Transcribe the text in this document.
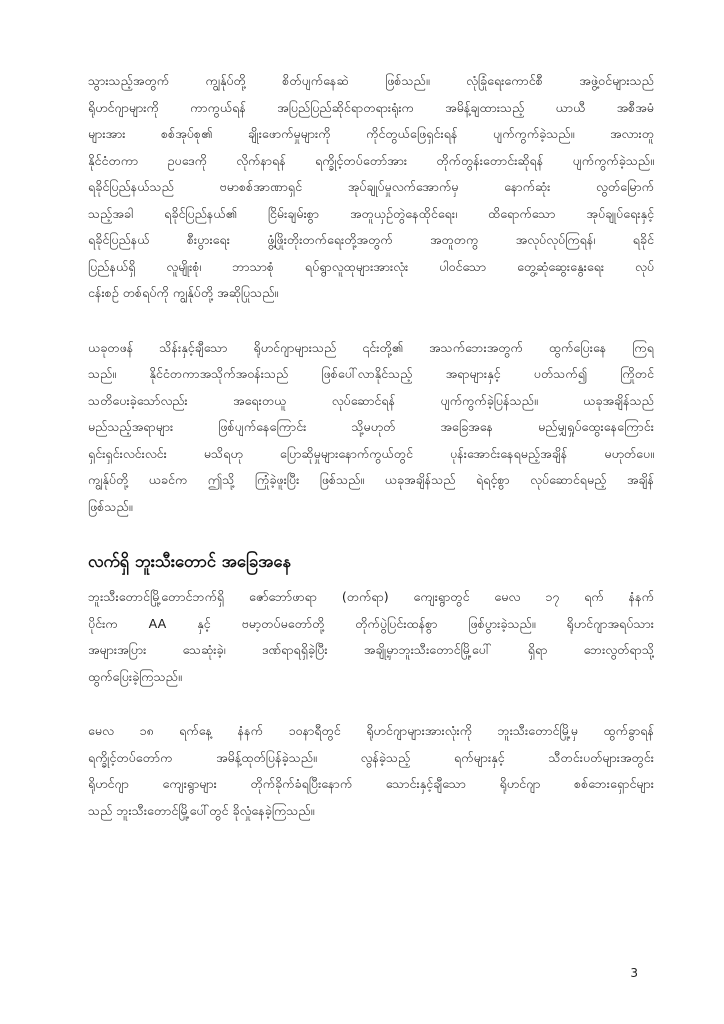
သွားသည့်အတွက် ကျွန်ုပ်တို့ စိတ်ပျက်နေဆဲ ဖြစ်သည်။ လုံခြုံရေးကောင်စီ အဖွဲ့ဝင်များသည်
ရိုဟင်ဂျာများကို ကာကွယ်ရန် အပြည်ပြည်ဆိုင်ရာတရားရုံးက အမိန့်ချထားသည့် ယာယီ အစီအမံ
များအား စစ်အုပ်စု၏ ချိုးဖောက်မှုများကို ကိုင်တွယ်ဖြေရှင်းရန် ပျက်ကွက်ခဲ့သည်။ အလားတူ
နိုင်ငံတကာ ဥပဒေကို လိုက်နာရန် ရက္ခိုင့်တပ်တော်အား တိုက်တွန်းတောင်းဆိုရန် ပျက်ကွက်ခဲ့သည်။
ရခိုင်ပြည်နယ်သည် ဗမာစစ်အာဏာရှင် အုပ်ချုပ်မှုလက်အောက်မှ နောက်ဆုံး လွတ်မြောက်
သည့်အခါ ရခိုင်ပြည်နယ်၏ ငြိမ်းချမ်းစွာ အတူယှဉ်တွဲနေထိုင်ရေး၊ ထိရောက်သော အုပ်ချုပ်ရေးနှင့်
ရခိုင်ပြည်နယ် စီးပွားရေး ဖွံ့ဖြိုးတိုးတက်ရေးတို့အတွက် အတူတကွ အလုပ်လုပ်ကြရန်၊ ရခိုင်
ပြည်နယ်ရှိ လူမျိုးစုံ၊ ဘာသာစုံ ရပ်ရွာလူထုများအားလုံး ပါဝင်သော တွေ့ဆုံဆွေးနွေးရေး လုပ်
ငန်းစဉ် တစ်ရပ်ကို ကျွန်ုပ်တို့ အဆိုပြုသည်။
ယခုတဖန် သိန်းနှင့်ချီသော ရိုဟင်ဂျာများသည် ၎င်းတို့၏ အသက်ဘေးအတွက် ထွက်ပြေးနေ ကြရ
သည်။ နိုင်ငံတကာအသိုက်အဝန်းသည် ဖြစ်ပေါ်လာနိုင်သည့် အရာများနှင့် ပတ်သက်၍ ကြိုတင်
သတိပေးခဲ့သော်လည်း အရေးတယူ လုပ်ဆောင်ရန် ပျက်ကွက်ခဲ့ပြန်သည်။ ယခုအချိန်သည်
မည်သည့်အရာများ ဖြစ်ပျက်နေကြောင်း သို့မဟုတ် အခြေအနေ မည်မျှရှုပ်ထွေးနေကြောင်း
ရှင်းရှင်းလင်းလင်း မသိရဟု ပြောဆိုမှုများနောက်ကွယ်တွင် ပုန်းအောင်းနေရမည့်အချိန် မဟုတ်ပေ။
ကျွန်ုပ်တို့ ယခင်က ဤသို့ ကြုံခဲ့ဖူးပြီး ဖြစ်သည်။ ယခုအချိန်သည် ရဲရင့်စွာ လုပ်ဆောင်ရမည့် အချိန်
ဖြစ်သည်။
လက်ရှိ ဘူးသီးတောင် အခြေအနေ
ဘူးသီးတောင်မြို့တောင်ဘက်ရှိ ဇော်ဘော်ဖာရာ (တက်ရာ) ကျေးရွာတွင် မေလ ၁၇ ရက် နံနက်
ပိုင်းက AA နှင့် ဗမာ့တပ်မတော်တို့ တိုက်ပွဲပြင်းထန်စွာ ဖြစ်ပွားခဲ့သည်။ ရိုဟင်ဂျာအရပ်သား
အများအပြား သေဆုံးခဲ့၊ ဒဏ်ရာရရှိခဲ့ပြီး အချို့မှာဘူးသီးတောင်မြို့ပေါ် ရှိရာ ဘေးလွတ်ရာသို့
ထွက်ပြေးခဲ့ကြသည်။
မေလ ၁၈ ရက်နေ့ နံနက် ၁၀နာရီတွင် ရိုဟင်ဂျာများအားလုံးကို ဘူးသီးတောင်မြို့မှ ထွက်ခွာရန်
ရက္ခိုင့်တပ်တော်က အမိန့်ထုတ်ပြန်ခဲ့သည်။ လွန်ခဲ့သည့် ရက်များနှင့် သီတင်းပတ်များအတွင်း
ရိုဟင်ဂျာ ကျေးရွာများ တိုက်ခိုက်ခံရပြီးနောက် သောင်းနှင့်ချီသော ရိုဟင်ဂျာ စစ်ဘေးရှောင်များ
သည် ဘူးသီးတောင်မြို့ပေါ်တွင် ခိုလှုံနေခဲ့ကြသည်။
3
